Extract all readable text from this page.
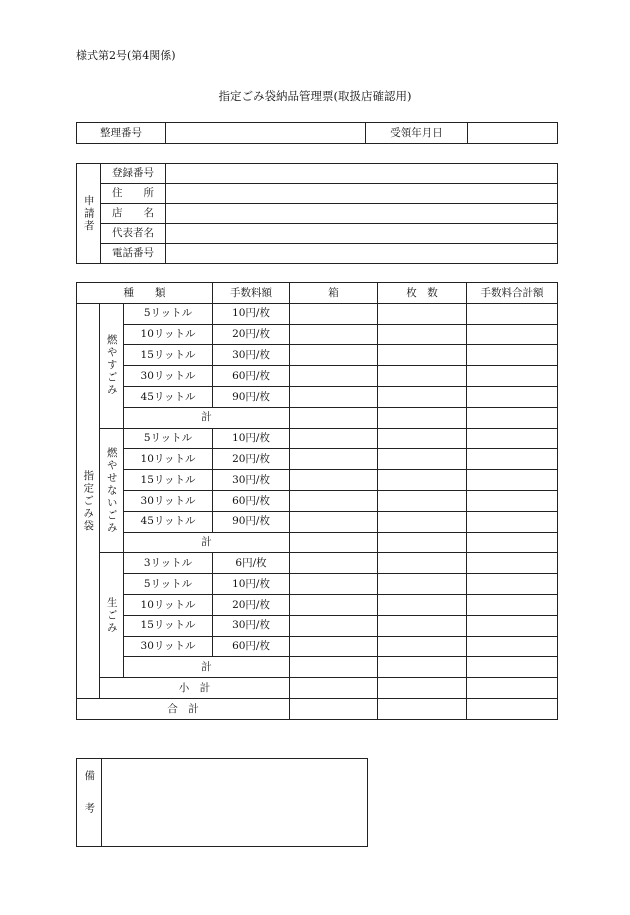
様式第2号(第4関係)
指定ごみ袋納品管理票(取扱店確認用)
整理番号		受領年月日	
申請者	登録番号	
	住　　所	
	店　　名	
	代表者名	
	電話番号	
種　　類			手数料額	箱	枚　数	手数料合計額
指定ごみ袋	燃やすごみ	5リットル	10円/枚			
		10リットル	20円/枚			
		15リットル	30円/枚			
		30リットル	60円/枚			
		45リットル	90円/枚			
		計				
	燃やせないごみ	5リットル	10円/枚			
		10リットル	20円/枚			
		15リットル	30円/枚			
		30リットル	60円/枚			
		45リットル	90円/枚			
		計				
	生ごみ	3リットル	6円/枚			
		5リットル	10円/枚			
		10リットル	20円/枚			
		15リットル	30円/枚			
		30リットル	60円/枚			
		計				
	小　計					
合　計						
備考	
